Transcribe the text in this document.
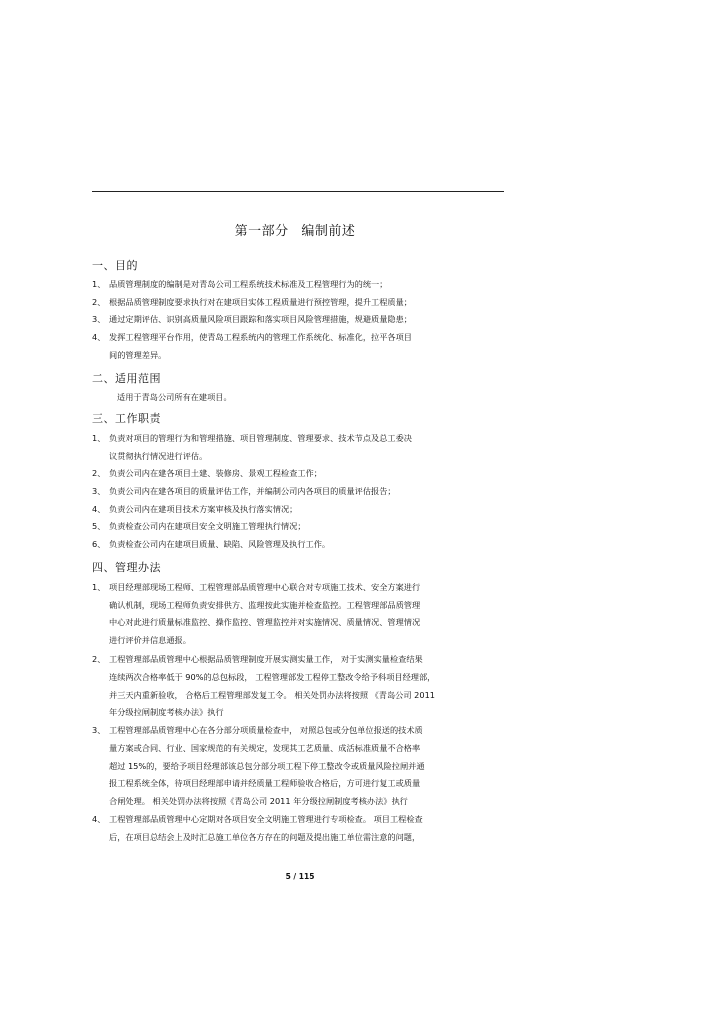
第一部分 编制前述
一、目的
1、 品质管理制度的编制是对青岛公司工程系统技术标准及工程管理行为的统一；
2、 根据品质管理制度要求执行对在建项目实体工程质量进行预控管理，提升工程质量；
3、 通过定期评估、识别高质量风险项目跟踪和落实项目风险管理措施，规避质量隐患；
4、 发挥工程管理平台作用，使青岛工程系统内的管理工作系统化、标准化，拉平各项目
间的管理差异。
二、适用范围
适用于青岛公司所有在建项目。
三、工作职责
1、 负责对项目的管理行为和管理措施、项目管理制度、管理要求、技术节点及总工委决
议贯彻执行情况进行评估。
2、 负责公司内在建各项目土建、装修房、景观工程检查工作；
3、 负责公司内在建各项目的质量评估工作，并编制公司内各项目的质量评估报告；
4、 负责公司内在建项目技术方案审核及执行落实情况；
5、 负责检查公司内在建项目安全文明施工管理执行情况；
6、 负责检查公司内在建项目质量、缺陷、风险管理及执行工作。
四、管理办法
1、 项目经理部现场工程师、工程管理部品质管理中心联合对专项施工技术、安全方案进行
确认机制，现场工程师负责安排供方、监理按此实施并检查监控。工程管理部品质管理
中心对此进行质量标准监控、操作监控、管理监控并对实施情况、质量情况、管理情况
进行评价并信息通报。
2、 工程管理部品质管理中心根据品质管理制度开展实测实量工作， 对于实测实量检查结果
连续两次合格率低于 90%的总包标段， 工程管理部发工程停工整改令给予科项目经理部，
并三天内重新验收， 合格后工程管理部发复工令。 相关处罚办法将按照 《青岛公司 2011
年分级拉闸制度考核办法》执行
3、 工程管理部品质管理中心在各分部分项质量检查中， 对照总包或分包单位报送的技术质
量方案或合同、行业、国家规范的有关规定，发现其工艺质量、成活标准质量不合格率
超过 15%的，要给予项目经理部该总包分部分项工程下停工整改令或质量风险拉闸并通
报工程系统全体，待项目经理部申请并经质量工程师验收合格后，方可进行复工或质量
合闸处理。 相关处罚办法将按照《青岛公司 2011 年分级拉闸制度考核办法》执行
4、 工程管理部品质管理中心定期对各项目安全文明施工管理进行专项检查。 项目工程检查
后，在项目总结会上及时汇总施工单位各方存在的问题及提出施工单位需注意的问题，
5 / 115
